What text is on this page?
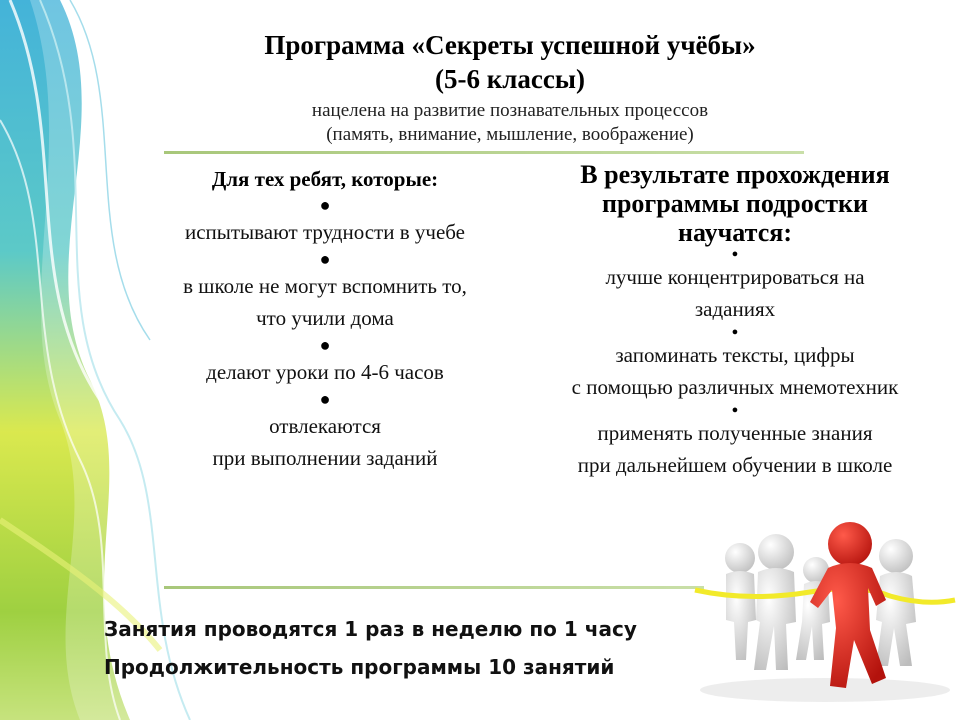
Программа «Секреты успешной учёбы»
(5-6 классы)
нацелена на развитие познавательных процессов
(память, внимание, мышление, воображение)
Для тех ребят, которые:
●
испытывают трудности в учебе
●
в школе не могут вспомнить то,
что учили дома
●
делают уроки по 4-6 часов
●
отвлекаются
при выполнении заданий
В результате прохождения
программы подростки
научатся:
●
лучше концентрироваться на
заданиях
●
запоминать тексты, цифры
с помощью различных мнемотехник
●
применять полученные знания
при дальнейшем обучении в школе
Занятия проводятся 1 раз в неделю по 1 часу
Продолжительность программы 10 занятий
